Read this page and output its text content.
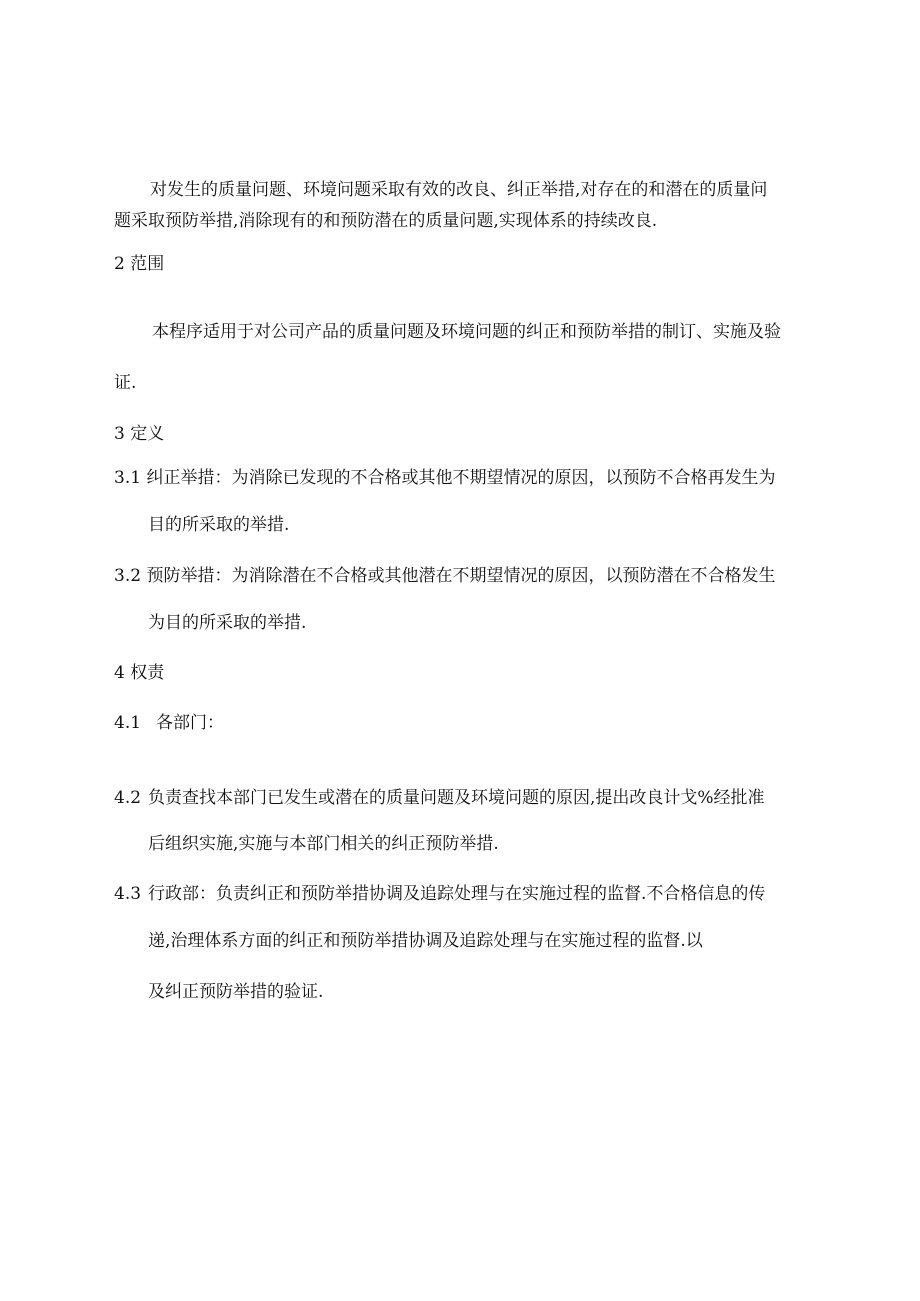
对发生的质量问题、环境问题采取有效的改良、纠正举措,对存在的和潜在的质量问
题采取预防举措,消除现有的和预防潜在的质量问题,实现体系的持续改良.
2 范围
本程序适用于对公司产品的质量问题及环境问题的纠正和预防举措的制订、实施及验
证.
3 定义
3.1 纠正举措：为消除已发现的不合格或其他不期望情况的原因，以预防不合格再发生为
目的所采取的举措.
3.2 预防举措：为消除潜在不合格或其他潜在不期望情况的原因，以预防潜在不合格发生
为目的所采取的举措.
4 权责
4.1 各部门：
4.2 负责查找本部门已发生或潜在的质量问题及环境问题的原因,提出改良计戈%经批准
后组织实施,实施与本部门相关的纠正预防举措.
4.3 行政部：负责纠正和预防举措协调及追踪处理与在实施过程的监督.不合格信息的传
递,治理体系方面的纠正和预防举措协调及追踪处理与在实施过程的监督.以
及纠正预防举措的验证.
